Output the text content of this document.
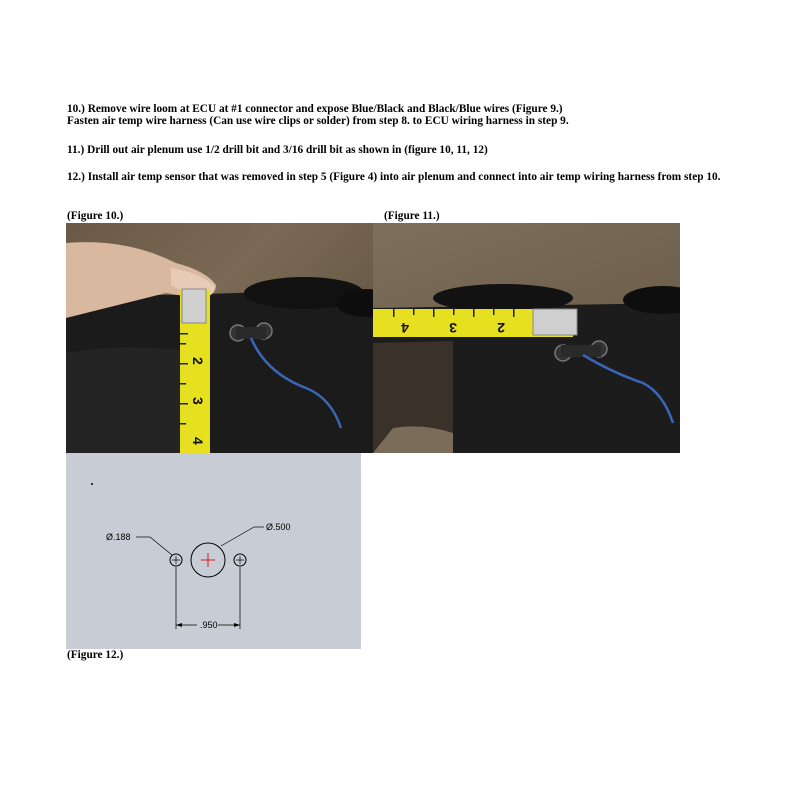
10.) Remove wire loom at ECU at #1 connector and expose Blue/Black and Black/Blue wires (Figure 9.)
Fasten air temp wire harness (Can use wire clips or solder) from step 8. to ECU wiring harness in step 9.
11.) Drill out air plenum use 1/2 drill bit and 3/16 drill bit as shown in (figure 10, 11, 12)
12.) Install air temp sensor that was removed in step 5 (Figure 4) into air plenum and connect into air temp wiring harness from step 10.
(Figure 10.)	(Figure 11.)
(Figure 12.)
2
3
4
4	3	2
Ø.188
Ø.500
.950
